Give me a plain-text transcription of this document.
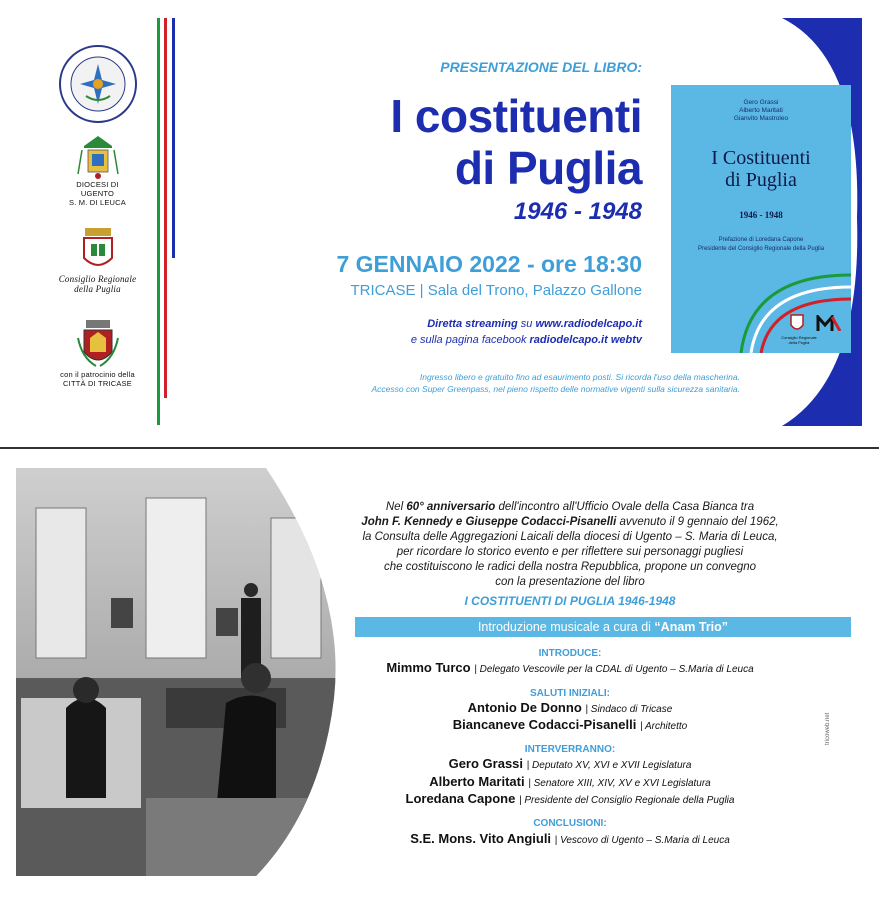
DIOCESI DI
UGENTO
S. M. DI LEUCA
Consiglio Regionale
della Puglia
con il patrocinio della
CITTÀ DI TRICASE
PRESENTAZIONE DEL LIBRO:
I costituenti
di Puglia
1946 - 1948
7 GENNAIO 2022 - ore 18:30
TRICASE | Sala del Trono, Palazzo Gallone
Diretta streaming su www.radiodelcapo.it
e sulla pagina facebook radiodelcapo.it webtv
Ingresso libero e gratuito fino ad esaurimento posti. Si ricorda l'uso della mascherina.
Accesso con Super Greenpass, nel pieno rispetto delle normative vigenti sulla sicurezza sanitaria.
Gero Grassi
Alberto Maritati
Gianvito Mastroleo
I Costituenti
di Puglia
1946 - 1948
Prefazione di Loredana Capone
Presidente del Consiglio Regionale della Puglia
Consiglio Regionale della Puglia
Nel 60° anniversario dell'incontro all'Ufficio Ovale della Casa Bianca tra
John F. Kennedy e Giuseppe Codacci-Pisanelli avvenuto il 9 gennaio del 1962,
la Consulta delle Aggregazioni Laicali della diocesi di Ugento – S. Maria di Leuca,
per ricordare lo storico evento e per riflettere sui personaggi pugliesi
che costituiscono le radici della nostra Repubblica, propone un convegno
con la presentazione del libro
I COSTITUENTI DI PUGLIA 1946-1948
Introduzione musicale a cura di “Anam Trio”
INTRODUCE:
Mimmo Turco | Delegato Vescovile per la CDAL di Ugento – S.Maria di Leuca
SALUTI INIZIALI:
Antonio De Donno | Sindaco di Tricase
Biancaneve Codacci-Pisanelli | Architetto
INTERVERRANNO:
Gero Grassi | Deputato XV, XVI e XVII Legislatura
Alberto Maritati | Senatore XIII, XIV, XV e XVI Legislatura
Loredana Capone | Presidente del Consiglio Regionale della Puglia
CONCLUSIONI:
S.E. Mons. Vito Angiuli | Vescovo di Ugento – S.Maria di Leuca
tricoweb.net
